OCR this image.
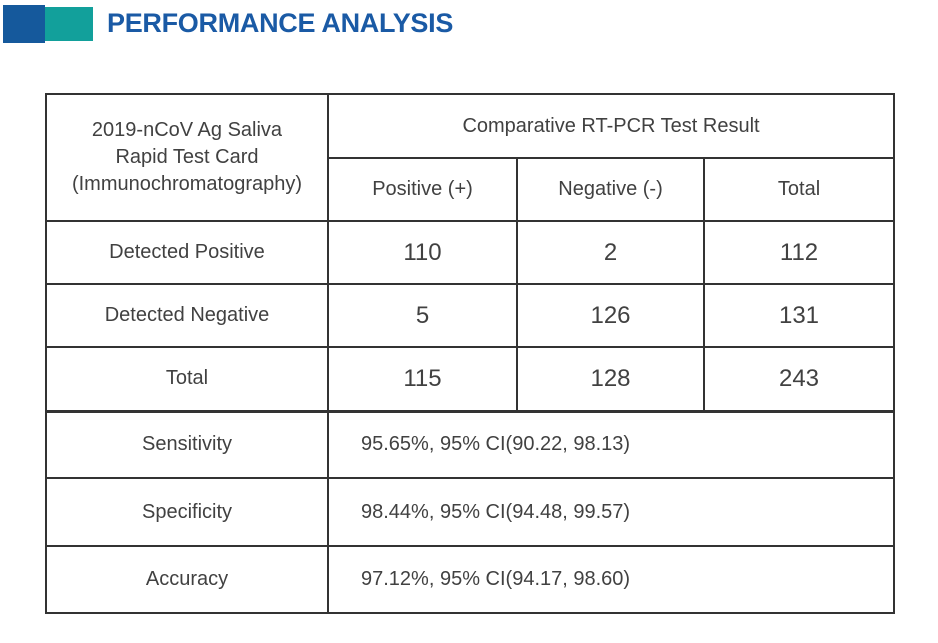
PERFORMANCE ANALYSIS
2019-nCoV Ag Saliva
Rapid Test Card
(Immunochromatography)	Comparative RT-PCR Test Result		
	Positive (+)	Negative (-)	Total
Detected Positive	110	2	112
Detected Negative	5	126	131
Total	115	128	243
Sensitivity	95.65%, 95% CI(90.22, 98.13)		
Specificity	98.44%, 95% CI(94.48, 99.57)		
Accuracy	97.12%, 95% CI(94.17, 98.60)		
